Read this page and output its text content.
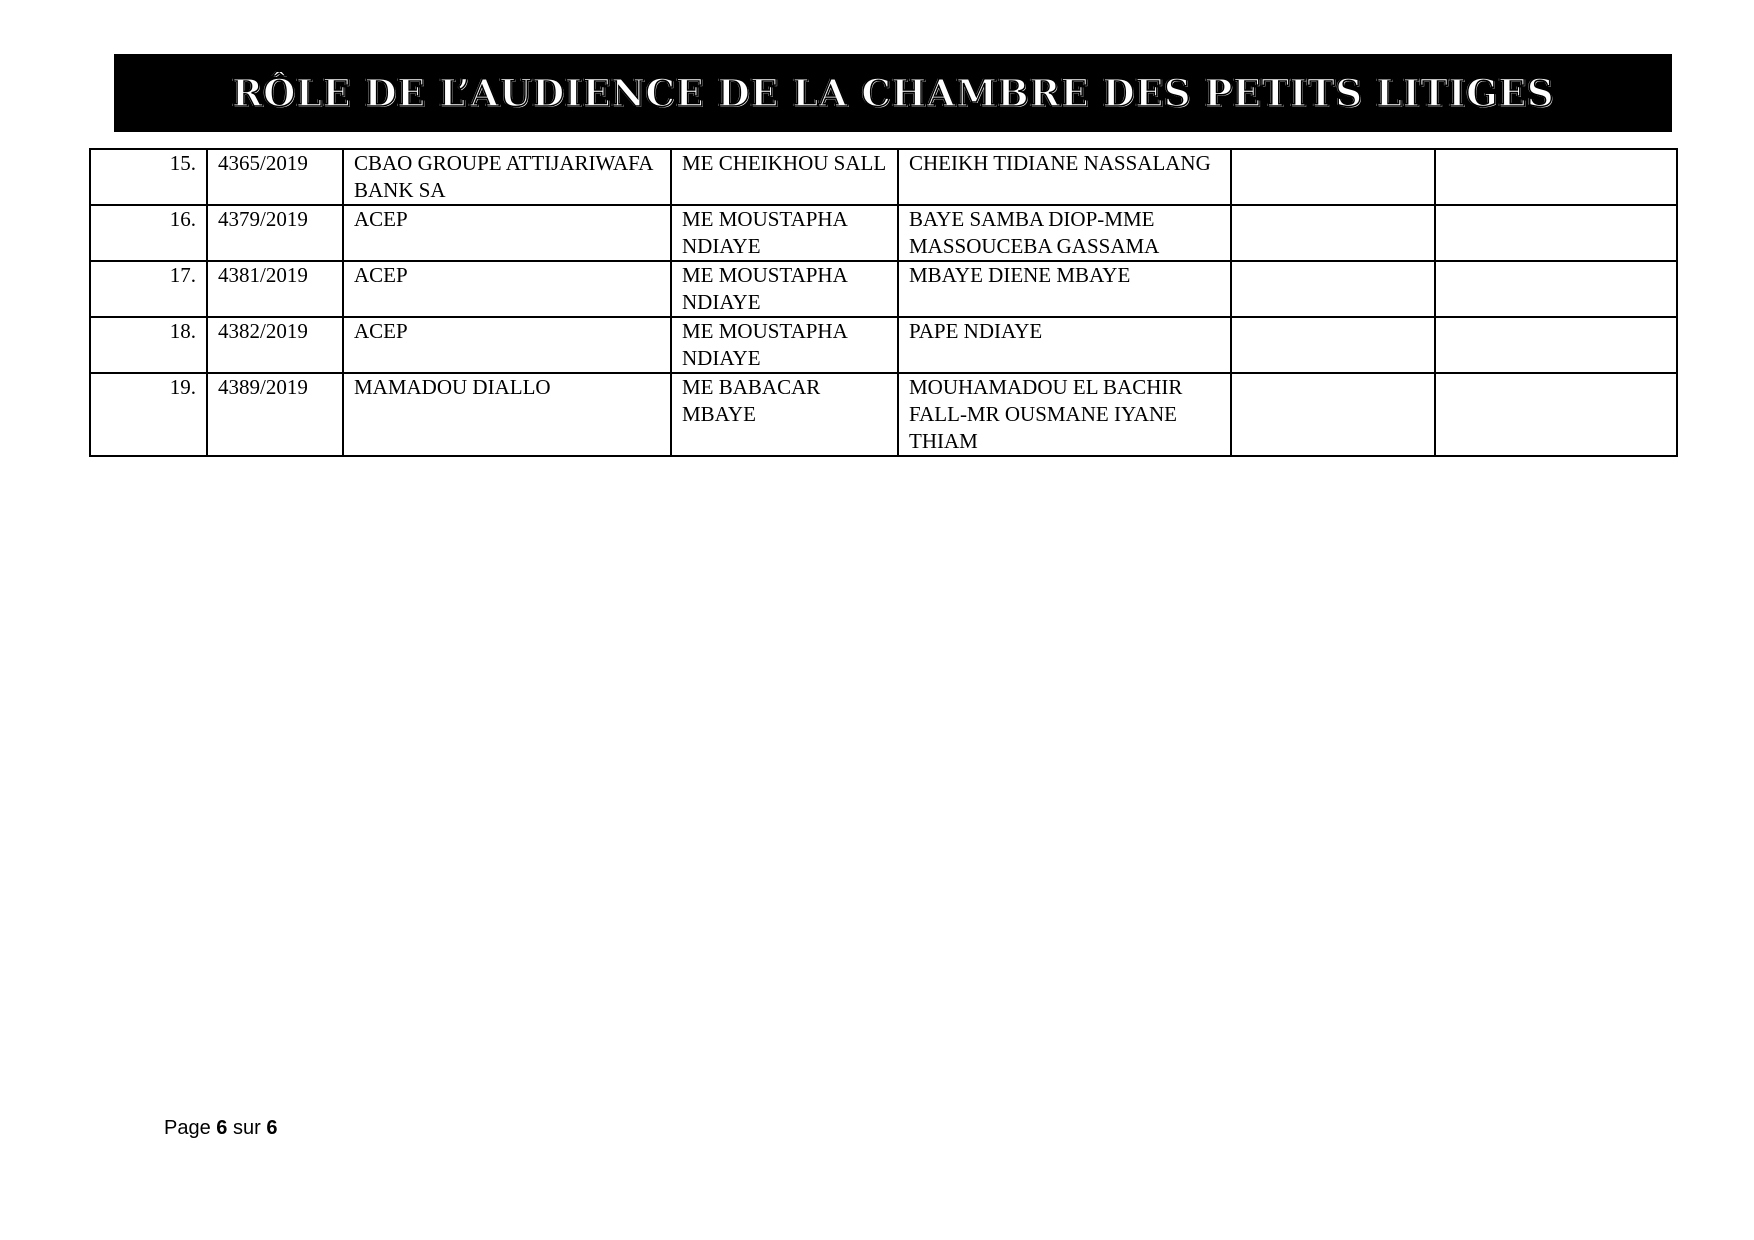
RÔLE DE L’AUDIENCE DE LA CHAMBRE DES PETITS LITIGES
15.	4365/2019	CBAO GROUPE ATTIJARIWAFA BANK SA	ME CHEIKHOU SALL	CHEIKH TIDIANE NASSALANG		
16.	4379/2019	ACEP	ME MOUSTAPHA NDIAYE	BAYE SAMBA DIOP-MME MASSOUCEBA GASSAMA		
17.	4381/2019	ACEP	ME MOUSTAPHA NDIAYE	MBAYE DIENE MBAYE		
18.	4382/2019	ACEP	ME MOUSTAPHA NDIAYE	PAPE NDIAYE		
19.	4389/2019	MAMADOU DIALLO	ME BABACAR MBAYE	MOUHAMADOU EL BACHIR FALL-MR OUSMANE IYANE THIAM		
Page 6 sur 6
